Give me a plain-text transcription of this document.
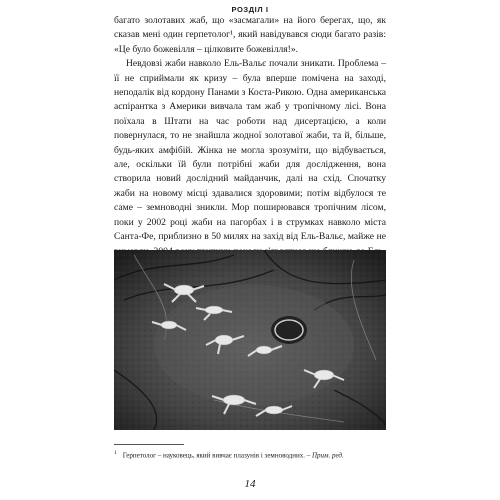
РОЗДІЛ І

багато золотавих жаб, що «засмагали» на його берегах, що, як сказав мені один герпетолог¹, який навідувався сюди багато разів: «Це було божевілля – цілковите божевілля!».

Невдовзі жаби навколо Ель-Вальє почали зникати. Проблема – її не сприймали як кризу – була вперше помічена на заході, неподалік від кордону Панами з Коста-Рикою. Одна американська аспірантка з Америки вивчала там жаб у тропічному лісі. Вона поїхала в Штати на час роботи над дисертацією, а коли повернулася, то не знайшла жодної золотавої жаби, та й, більше, будь-яких амфібій. Жінка не могла зрозуміти, що відбувається, але, оскільки їй були потрібні жаби для дослідження, вона створила новий дослідний майданчик, далі на схід. Спочатку жаби на новому місці здавалися здоровими; потім відбулося те саме – земноводні зникли. Мор поширювався тропічним лісом, поки у 2002 році жаби на пагорбах і в струмках навколо міста Санта-Фе, приблизно в 50 милях на захід від Ель-Вальє, майже не

$^1$ Герпетолог – науковець, який вивчає плазунів і земноводних. – Прим. ред.
14
